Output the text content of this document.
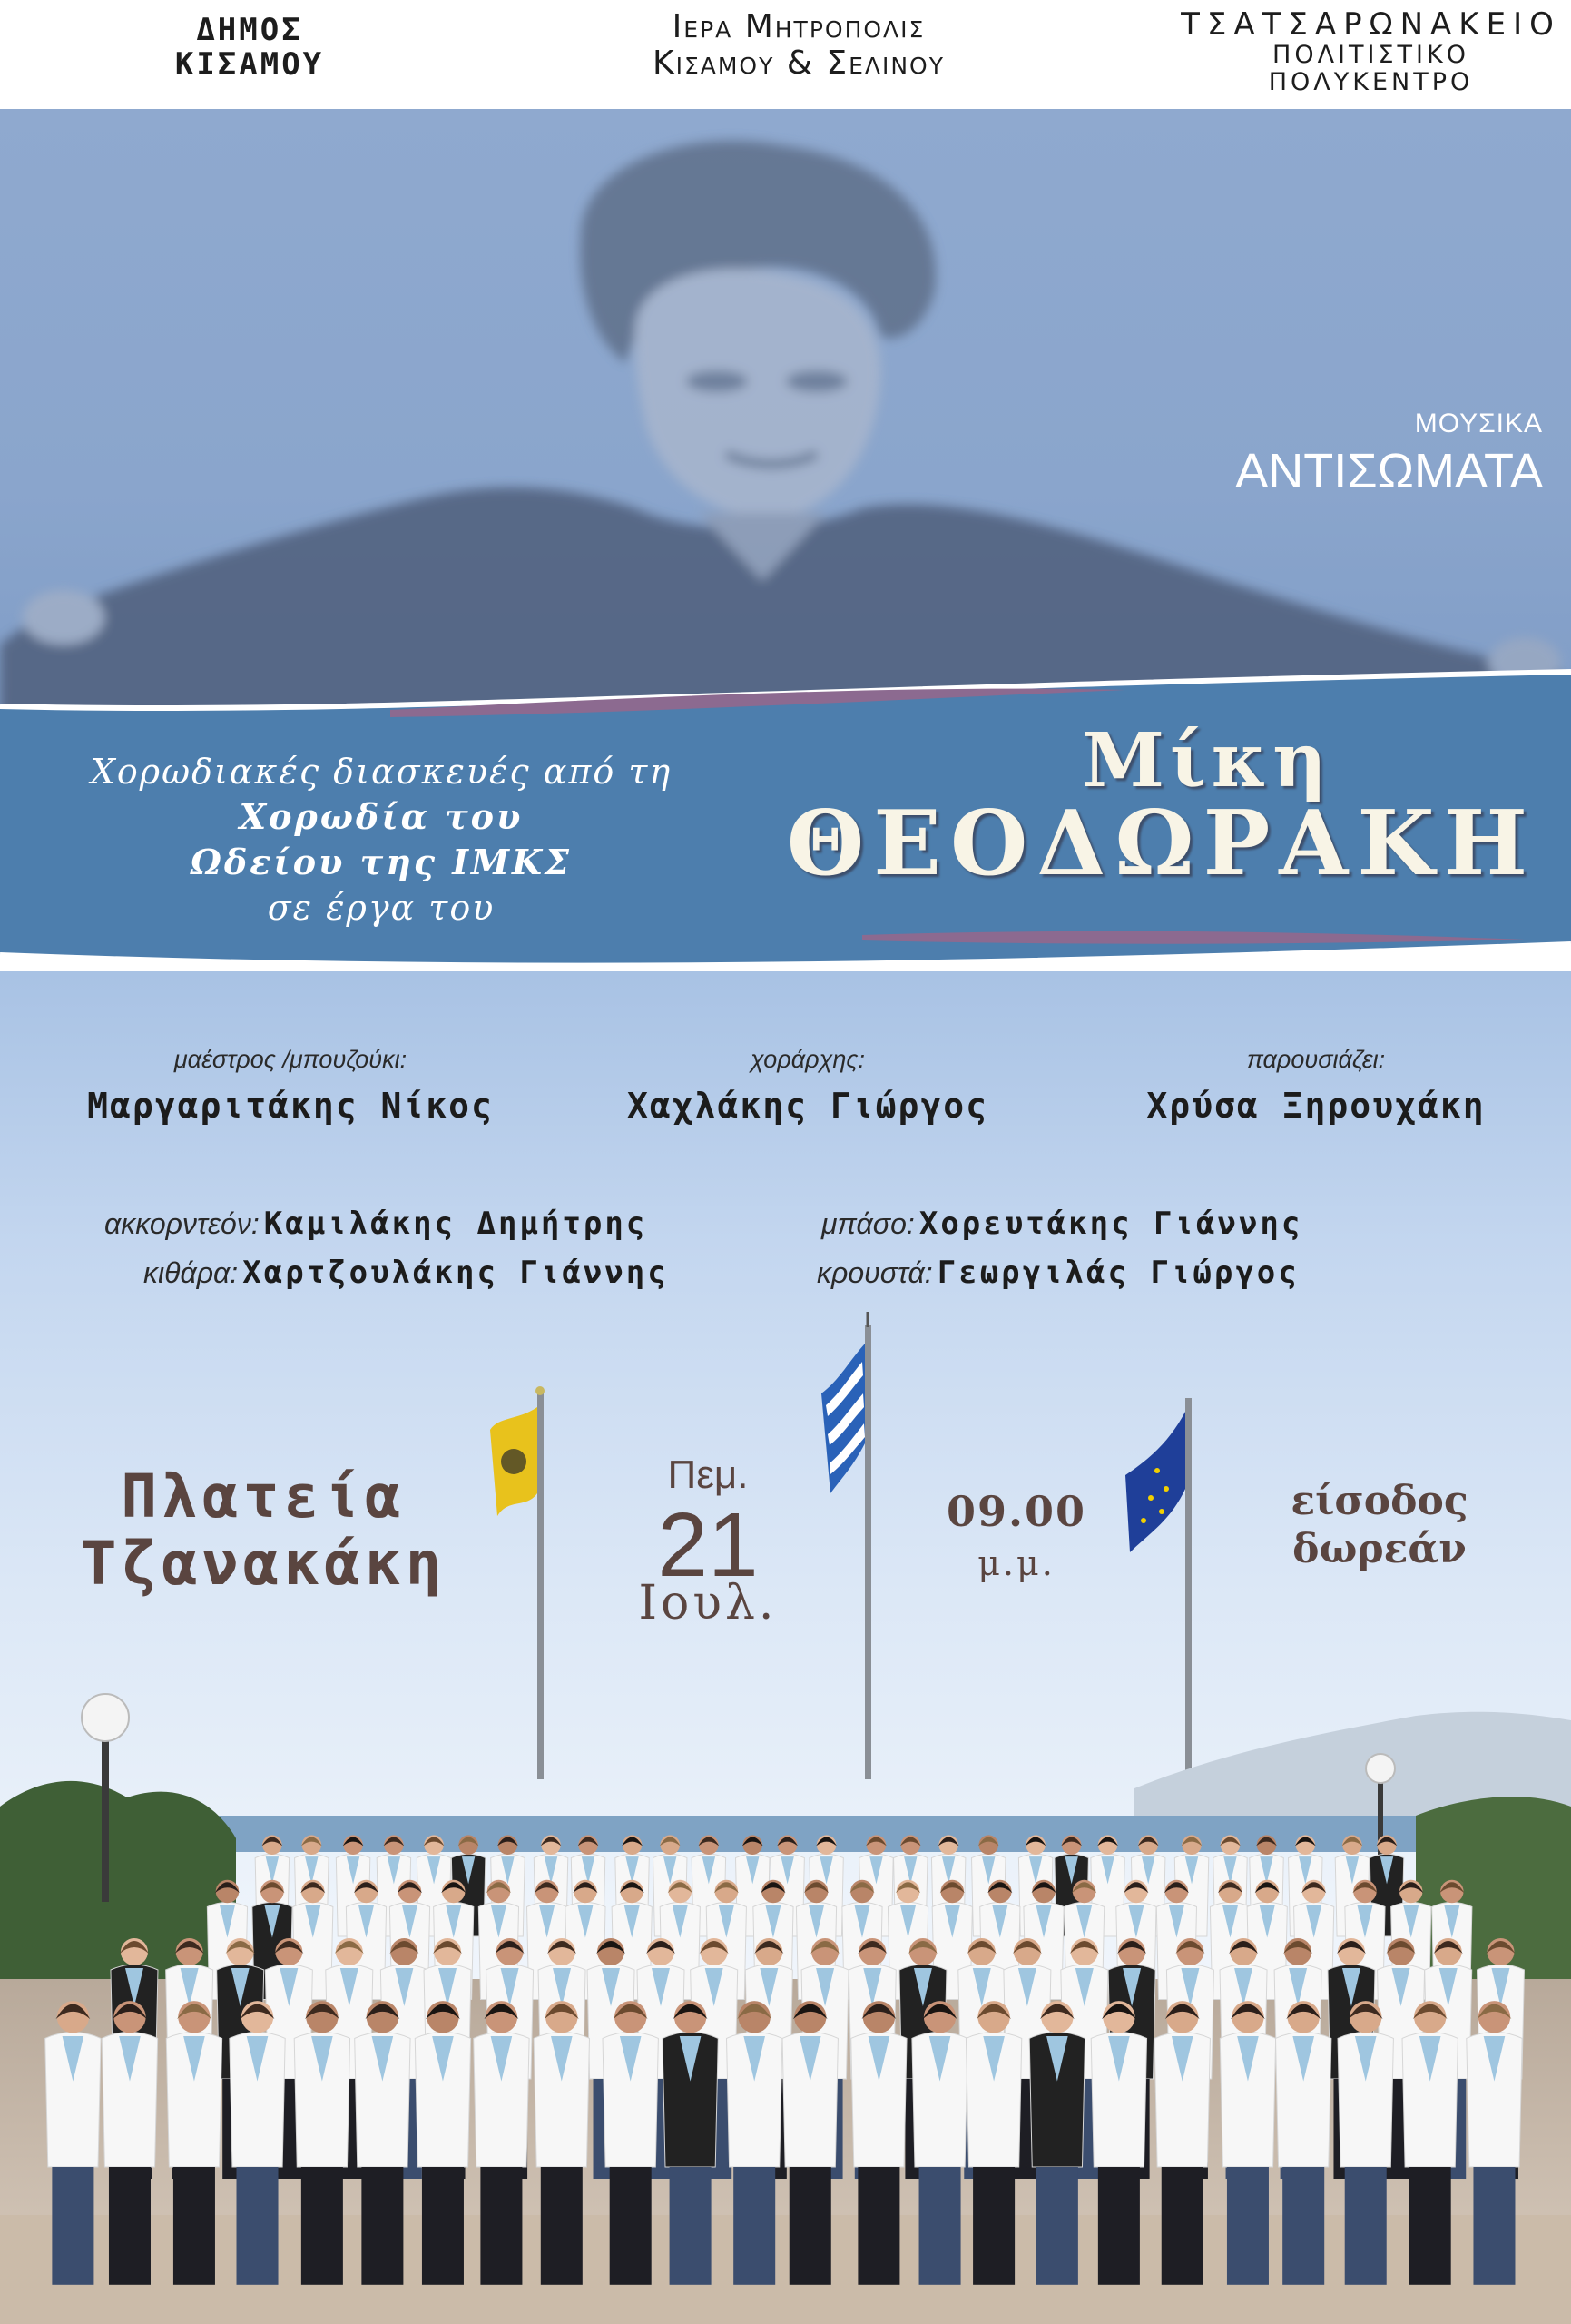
ΔΗΜΟΣ
ΚΙΣΑΜΟΥ
Ιερα Μητροπολις
Κισαμου & Σελινου
ΤΣΑΤΣΑΡΩΝΑΚΕΙΟ
ΠΟΛΙΤΙΣΤΙΚΟ ΠΟΛΥΚΕΝΤΡΟ
ΜΟΥΣΙΚΑ
ΑΝΤΙΣΩΜΑΤΑ
Χορωδιακές διασκευές από τη
Χορωδία του
Ωδείου της ΙΜΚΣ
σε έργα του
Μίκη
ΘΕΟΔΩΡΑΚΗ
μαέστρος /μπουζούκι:
Μαργαριτάκης Νίκος
χοράρχης:
Χαχλάκης Γιώργος
παρουσιάζει:
Χρύσα Ξηρουχάκη
ακκορντεόν: Καμιλάκης Δημήτρης
κιθάρα: Χαρτζουλάκης Γιάννης
μπάσο: Χορευτάκης Γιάννης
κρουστά: Γεωργιλάς Γιώργος
Πλατεία
Τζανακάκη
Πεμ.
21
Ιουλ.
09.00
μ.μ.
είσοδος
δωρεάν
